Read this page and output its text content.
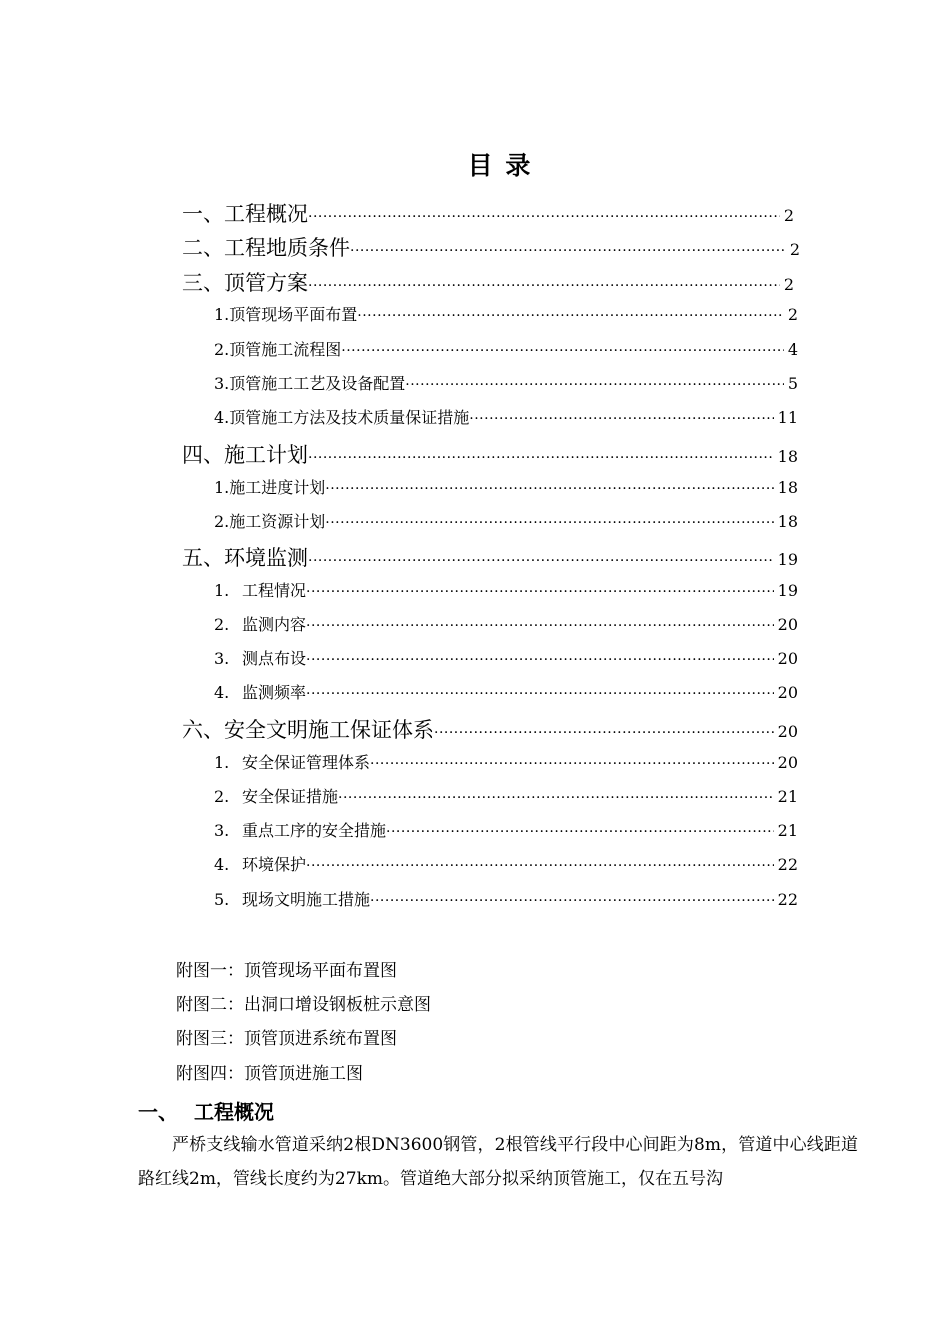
目 录
一、工程概况 ·····	2
二、工程地质条件 ·····	2
三、顶管方案 ·····	2
1.顶管现场平面布置 ·····	2
2.顶管施工流程图 ·····	4
3.顶管施工工艺及设备配置 ·····	5
4.顶管施工方法及技术质量保证措施 ·····	11
四、施工计划 ·····	18
1.施工进度计划 ·····	18
2.施工资源计划 ·····	18
五、环境监测 ·····	19
1. 工程情况 ·····	19
2. 监测内容 ·····	20
3. 测点布设 ·····	20
4. 监测频率 ·····	20
六、安全文明施工保证体系 ·····	20
1. 安全保证管理体系 ·····	20
2. 安全保证措施 ·····	21
3. 重点工序的安全措施 ·····	21
4. 环境保护 ·····	22
5. 现场文明施工措施 ·····	22
附图一：顶管现场平面布置图
附图二：出洞口增设钢板桩示意图
附图三：顶管顶进系统布置图
附图四：顶管顶进施工图
一、 工程概况
严桥支线输水管道采纳2根DN3600钢管，2根管线平行段中心间距为8m，管道中心线距道路红线2m，管线长度约为27km。管道绝大部分拟采纳顶管施工，仅在五号沟
